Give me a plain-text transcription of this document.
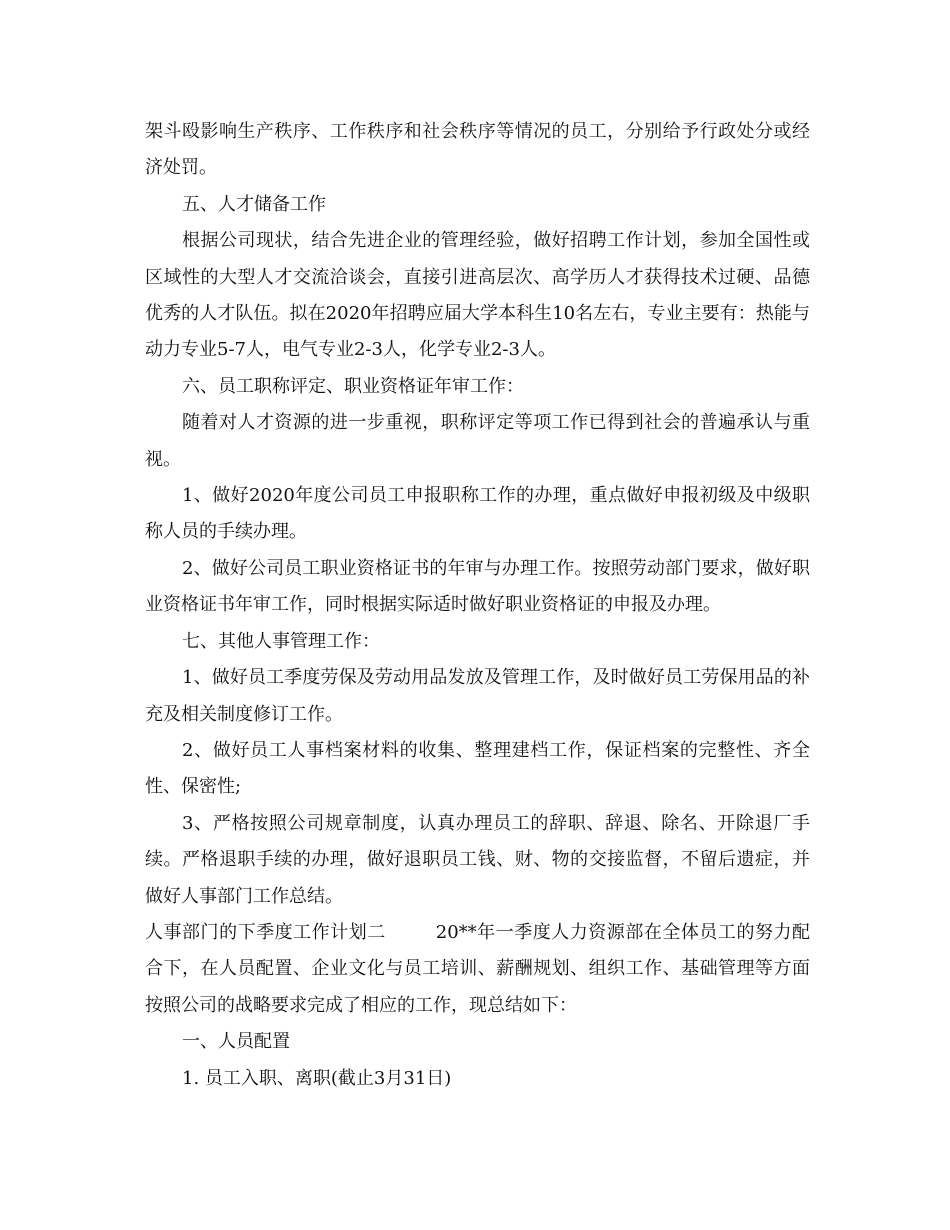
架斗殴影响生产秩序、工作秩序和社会秩序等情况的员工，分别给予行政处分或经济处罚。

五、人才储备工作

根据公司现状，结合先进企业的管理经验，做好招聘工作计划，参加全国性或区域性的大型人才交流洽谈会，直接引进高层次、高学历人才获得技术过硬、品德优秀的人才队伍。拟在2020年招聘应届大学本科生10名左右，专业主要有：热能与动力专业5-7人，电气专业2-3人，化学专业2-3人。

六、员工职称评定、职业资格证年审工作：

随着对人才资源的进一步重视，职称评定等项工作已得到社会的普遍承认与重视。

1、做好2020年度公司员工申报职称工作的办理，重点做好申报初级及中级职称人员的手续办理。

2、做好公司员工职业资格证书的年审与办理工作。按照劳动部门要求，做好职业资格证书年审工作，同时根据实际适时做好职业资格证的申报及办理。

七、其他人事管理工作：

1、做好员工季度劳保及劳动用品发放及管理工作，及时做好员工劳保用品的补充及相关制度修订工作。

2、做好员工人事档案材料的收集、整理建档工作，保证档案的完整性、齐全性、保密性;

3、严格按照公司规章制度，认真办理员工的辞职、辞退、除名、开除退厂手续。严格退职手续的办理，做好退职员工钱、财、物的交接监督，不留后遗症，并做好人事部门工作总结。

人事部门的下季度工作计划二	20**年一季度人力资源部在全体员工的努力配合下，在人员配置、企业文化与员工培训、薪酬规划、组织工作、基础管理等方面按照公司的战略要求完成了相应的工作，现总结如下：

一、人员配置

1. 员工入职、离职(截止3月31日)
